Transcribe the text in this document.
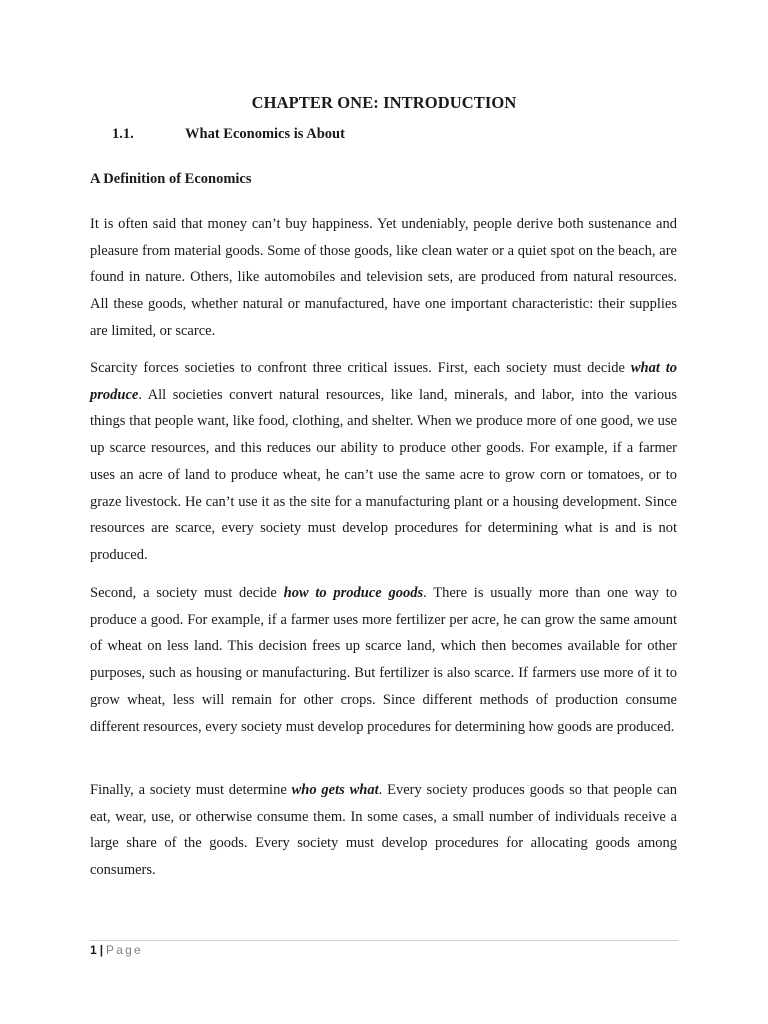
CHAPTER ONE: INTRODUCTION
1.1.	What Economics is About
A Definition of Economics

It is often said that money can’t buy happiness. Yet undeniably, people derive both sustenance and pleasure from material goods. Some of those goods, like clean water or a quiet spot on the beach, are found in nature. Others, like automobiles and television sets, are produced from natural resources. All these goods, whether natural or manufactured, have one important characteristic: their supplies are limited, or scarce.

Scarcity forces societies to confront three critical issues. First, each society must decide what to produce. All societies convert natural resources, like land, minerals, and labor, into the various things that people want, like food, clothing, and shelter. When we produce more of one good, we use up scarce resources, and this reduces our ability to produce other goods. For example, if a farmer uses an acre of land to produce wheat, he can’t use the same acre to grow corn or tomatoes, or to graze livestock. He can’t use it as the site for a manufacturing plant or a housing development. Since resources are scarce, every society must develop procedures for determining what is and is not produced.

Second, a society must decide how to produce goods. There is usually more than one way to produce a good. For example, if a farmer uses more fertilizer per acre, he can grow the same amount of wheat on less land. This decision frees up scarce land, which then becomes available for other purposes, such as housing or manufacturing. But fertilizer is also scarce. If farmers use more of it to grow wheat, less will remain for other crops. Since different methods of production consume different resources, every society must develop procedures for determining how goods are produced.

Finally, a society must determine who gets what. Every society produces goods so that people can eat, wear, use, or otherwise consume them. In some cases, a small number of individuals receive a large share of the goods. Every society must develop procedures for allocating goods among consumers.

1 | Page
